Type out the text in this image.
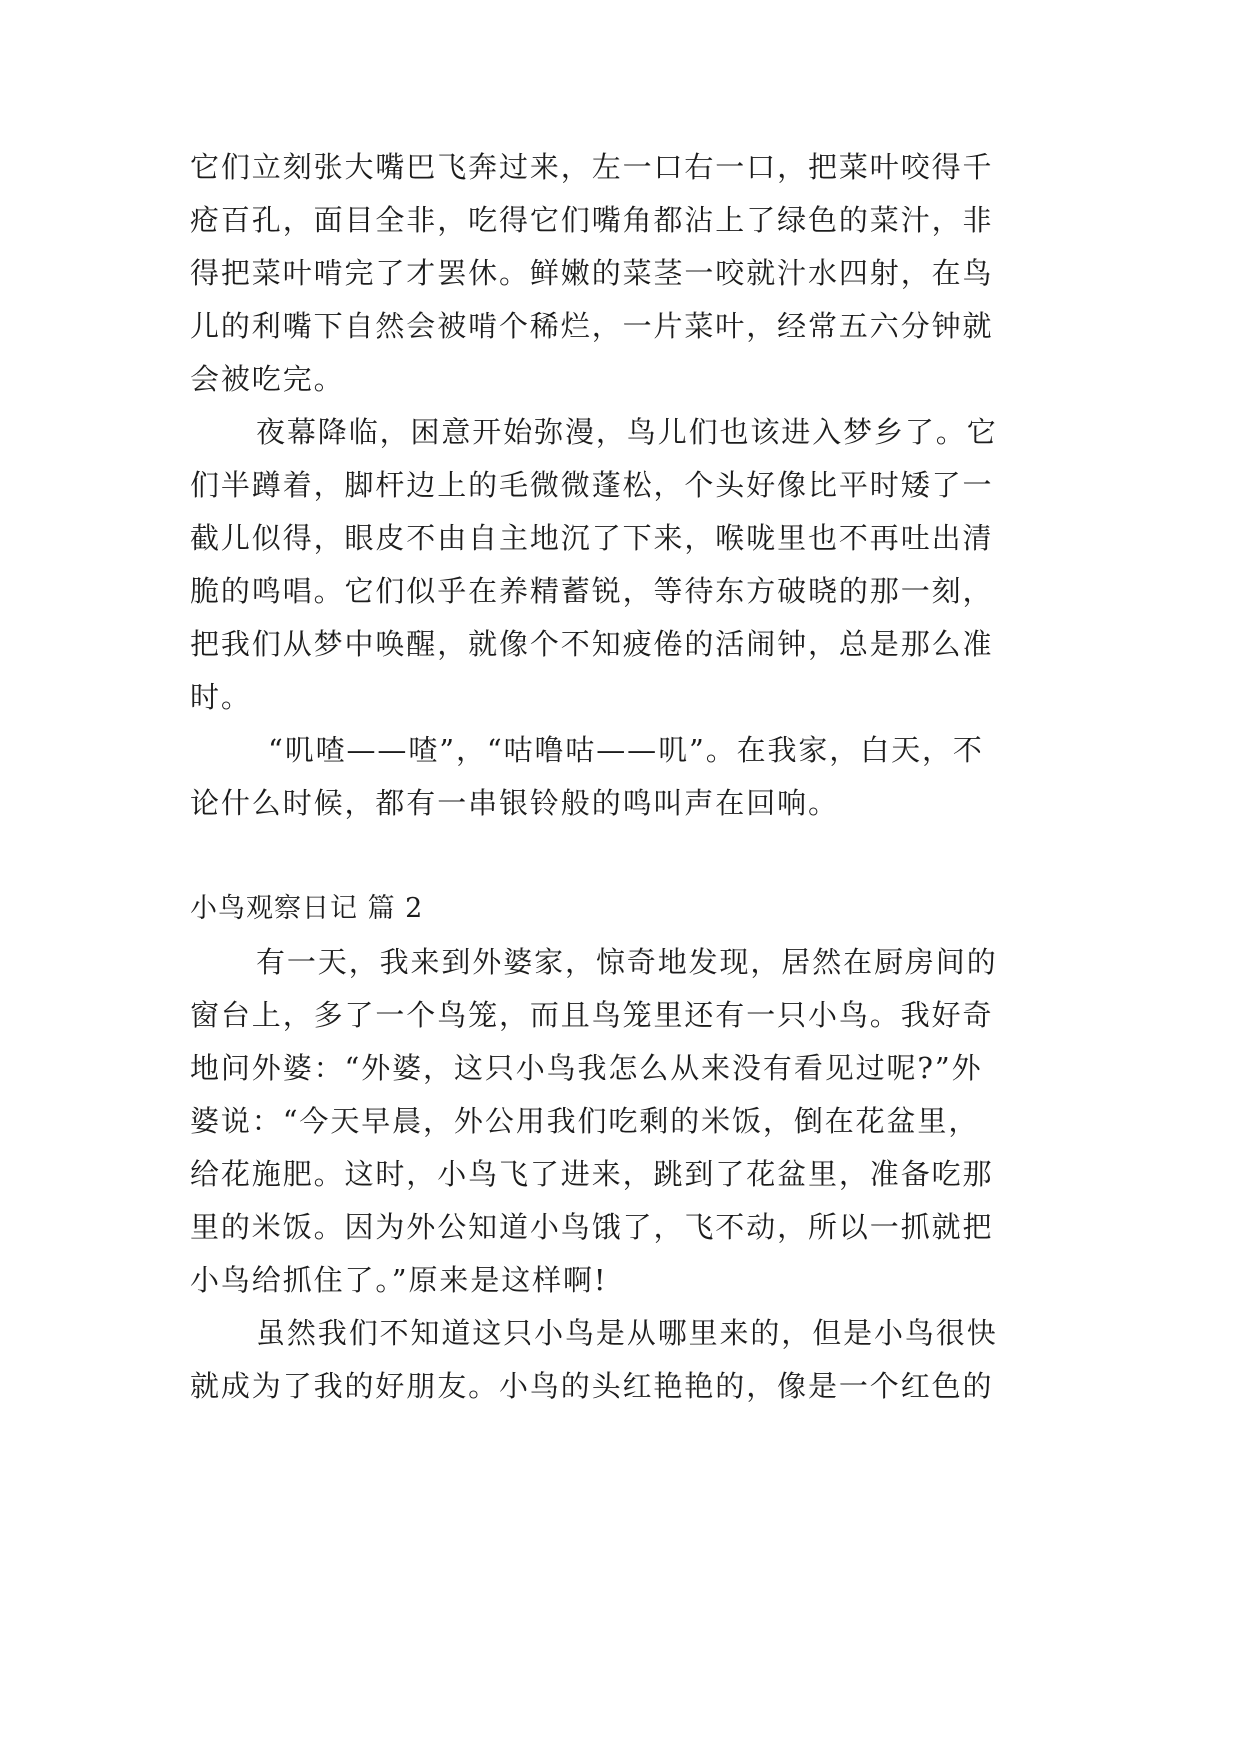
它们立刻张大嘴巴飞奔过来，左一口右一口，把菜叶咬得千

疮百孔，面目全非，吃得它们嘴角都沾上了绿色的菜汁，非

得把菜叶啃完了才罢休。鲜嫩的菜茎一咬就汁水四射，在鸟

儿的利嘴下自然会被啃个稀烂，一片菜叶，经常五六分钟就

会被吃完。

夜幕降临，困意开始弥漫，鸟儿们也该进入梦乡了。它

们半蹲着，脚杆边上的毛微微蓬松，个头好像比平时矮了一

截儿似得，眼皮不由自主地沉了下来，喉咙里也不再吐出清

脆的鸣唱。它们似乎在养精蓄锐，等待东方破晓的那一刻，

把我们从梦中唤醒，就像个不知疲倦的活闹钟，总是那么准

时。

“叽喳——喳”，“咕噜咕——叽”。在我家，白天，不

论什么时候，都有一串银铃般的鸣叫声在回响。

小鸟观察日记 篇 2

有一天，我来到外婆家，惊奇地发现，居然在厨房间的

窗台上，多了一个鸟笼，而且鸟笼里还有一只小鸟。我好奇

地问外婆：“外婆，这只小鸟我怎么从来没有看见过呢?”外

婆说：“今天早晨，外公用我们吃剩的米饭，倒在花盆里，

给花施肥。这时，小鸟飞了进来，跳到了花盆里，准备吃那

里的米饭。因为外公知道小鸟饿了，飞不动，所以一抓就把

小鸟给抓住了。”原来是这样啊!

虽然我们不知道这只小鸟是从哪里来的，但是小鸟很快

就成为了我的好朋友。小鸟的头红艳艳的，像是一个红色的
